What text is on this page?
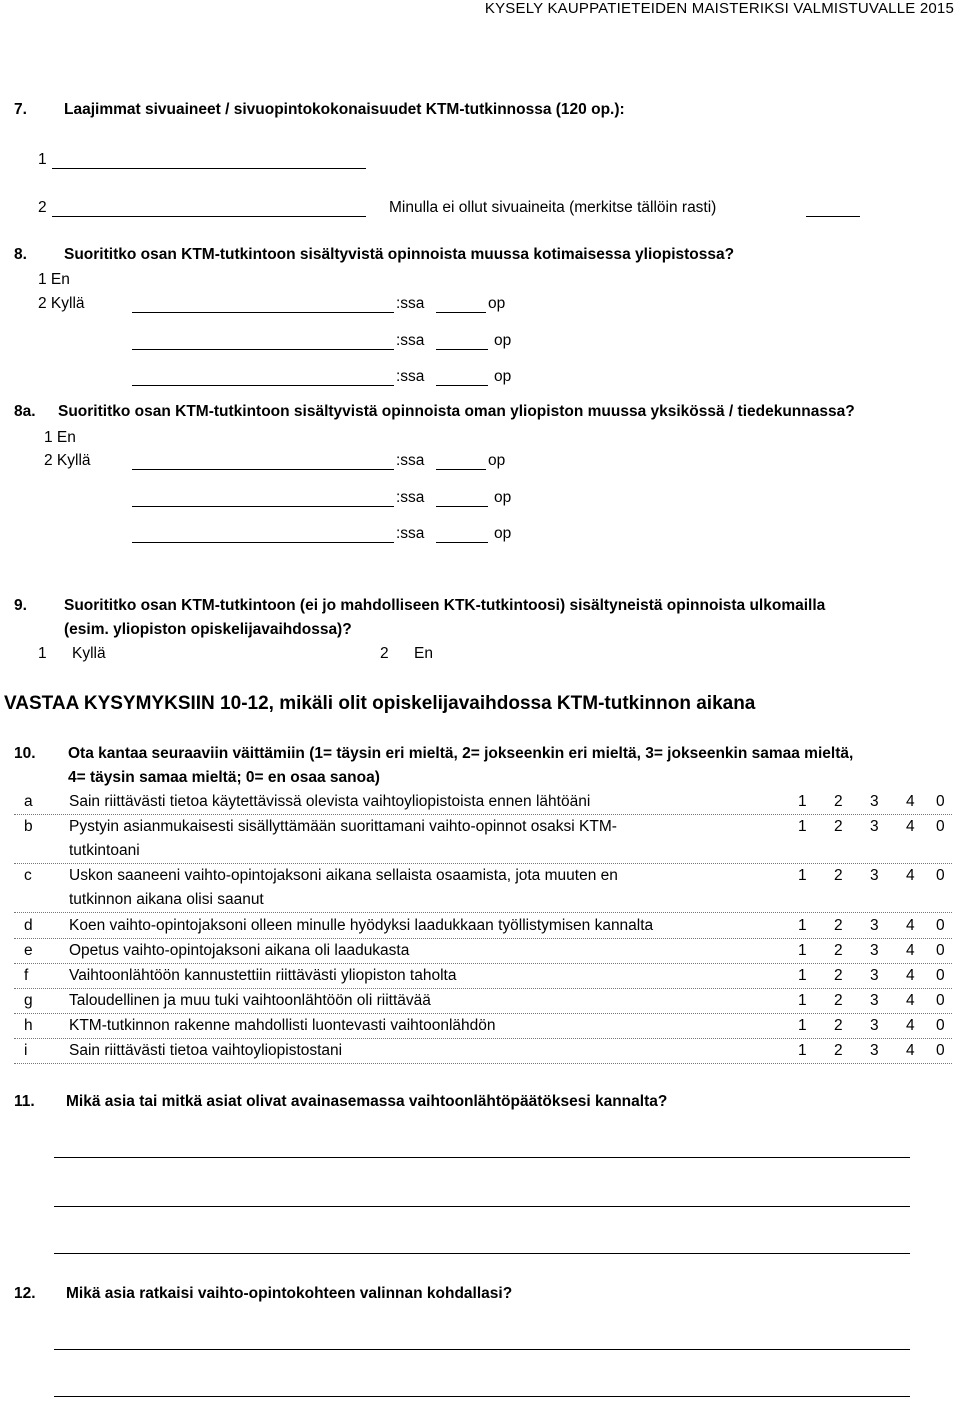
KYSELY KAUPPATIETEIDEN MAISTERIKSI VALMISTUVALLE 2015
7. Laajimmat sivuaineet / sivuopintokokonaisuudet KTM-tutkinnossa (120 op.):
1
2	Minulla ei ollut sivuaineita (merkitse tällöin rasti)
8. Suorititko osan KTM-tutkintoon sisältyvistä opinnoista muussa kotimaisessa yliopistossa?
1 En
2 Kyllä	:ssa	op
:ssa	op
:ssa	op
8a. Suorititko osan KTM-tutkintoon sisältyvistä opinnoista oman yliopiston muussa yksikössä / tiedekunnassa?
1 En
2 Kyllä	:ssa	op
:ssa	op
:ssa	op
9. Suorititko osan KTM-tutkintoon (ei jo mahdolliseen KTK-tutkintoosi) sisältyneistä opinnoista ulkomailla
(esim. yliopiston opiskelijavaihdossa)?
1 Kyllä	2 En
VASTAA KYSYMYKSIIN 10-12, mikäli olit opiskelijavaihdossa KTM-tutkinnon aikana
10. Ota kantaa seuraaviin väittämiin (1= täysin eri mieltä, 2= jokseenkin eri mieltä, 3= jokseenkin samaa mieltä,
4= täysin samaa mieltä; 0= en osaa sanoa)
a Sain riittävästi tietoa käytettävissä olevista vaihtoyliopistoista ennen lähtöäni	1 2 3 4 0
b Pystyin asianmukaisesti sisällyttämään suorittamani vaihto-opinnot osaksi KTM-
tutkintoani
1 2 3 4 0
c Uskon saaneeni vaihto-opintojaksoni aikana sellaista osaamista, jota muuten en
tutkinnon aikana olisi saanut
1 2 3 4 0
d Koen vaihto-opintojaksoni olleen minulle hyödyksi laadukkaan työllistymisen kannalta	1 2 3 4 0
e Opetus vaihto-opintojaksoni aikana oli laadukasta	1 2 3 4 0
f	Vaihtoonlähtöön kannustettiin riittävästi yliopiston taholta	1 2 3 4 0
g Taloudellinen ja muu tuki vaihtoonlähtöön oli riittävää	1 2 3 4 0
h KTM-tutkinnon rakenne mahdollisti luontevasti vaihtoonlähdön	1 2 3 4 0
i	Sain riittävästi tietoa vaihtoyliopistostani	1 2 3 4 0
11. Mikä asia tai mitkä asiat olivat avainasemassa vaihtoonlähtöpäätöksesi kannalta?
12. Mikä asia ratkaisi vaihto-opintokohteen valinnan kohdallasi?
